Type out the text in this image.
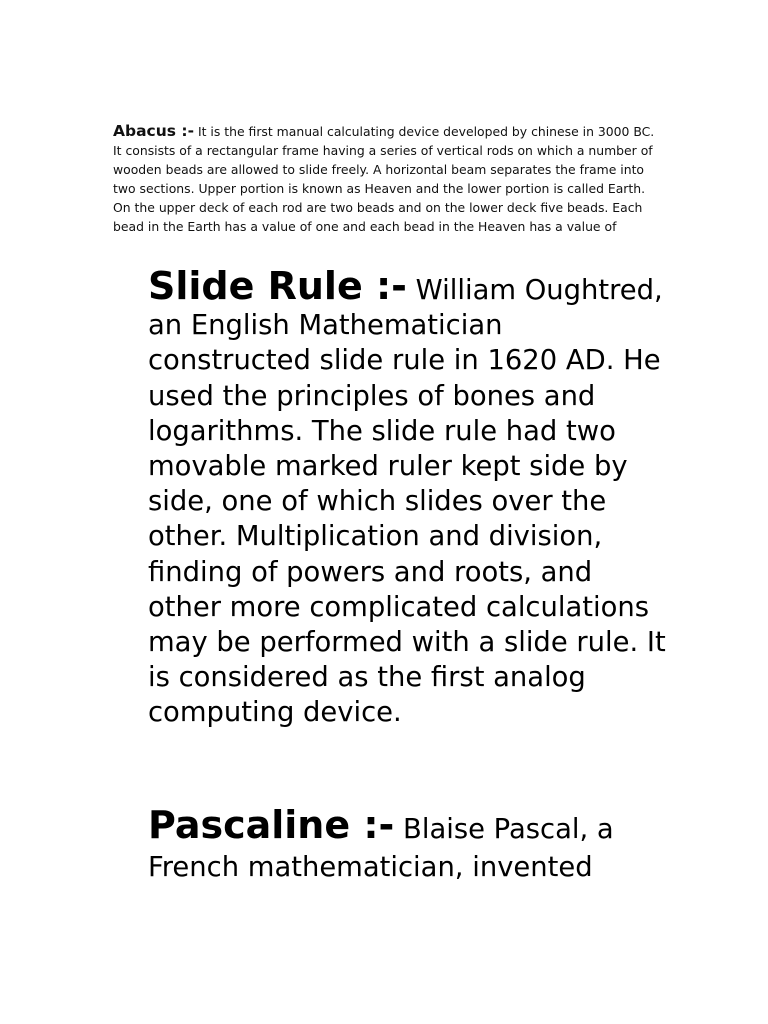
Abacus :- It is the first manual calculating device developed by chinese in 3000 BC. It consists of a rectangular frame having a series of vertical rods on which a number of wooden beads are allowed to slide freely. A horizontal beam separates the frame into two sections. Upper portion is known as Heaven and the lower portion is called Earth. On the upper deck of each rod are two beads and on the lower deck five beads. Each bead in the Earth has a value of one and each bead in the Heaven has a value of

Slide Rule :- William Oughtred, an English Mathematician constructed slide rule in 1620 AD. He used the principles of bones and logarithms. The slide rule had two movable marked ruler kept side by side, one of which slides over the other. Multiplication and division, finding of powers and roots, and other more complicated calculations may be performed with a slide rule. It is considered as the first analog computing device.

Pascaline :- Blaise Pascal, a French mathematician, invented
